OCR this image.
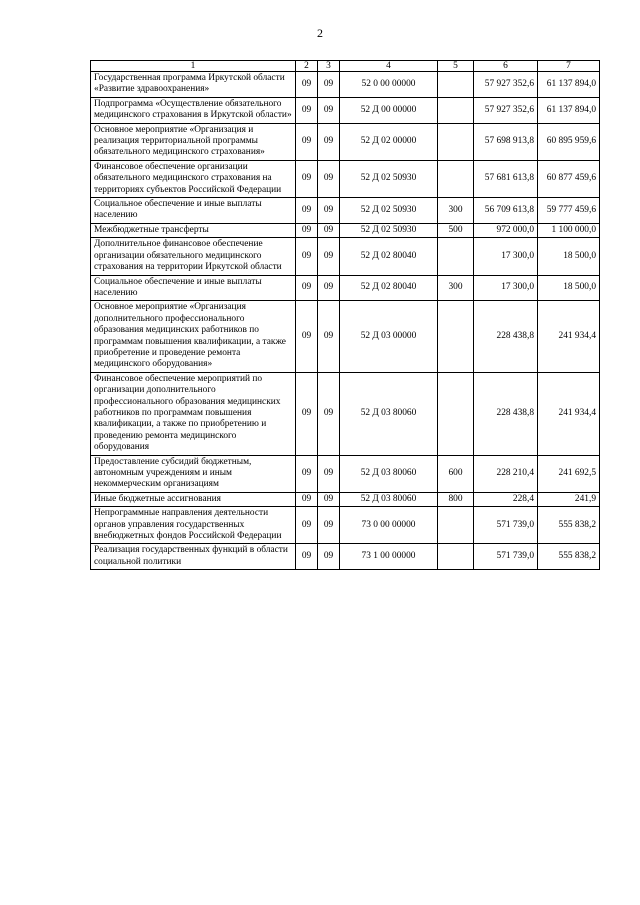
2
1	2	3	4	5	6	7
Государственная программа Иркутской области «Развитие здравоохранения»	09	09	52 0 00 00000		57 927 352,6	61 137 894,0
Подпрограмма «Осуществление обязательного медицинского страхования в Иркутской области»	09	09	52 Д 00 00000		57 927 352,6	61 137 894,0
Основное мероприятие «Организация и реализация территориальной программы обязательного медицинского страхования»	09	09	52 Д 02 00000		57 698 913,8	60 895 959,6
Финансовое обеспечение организации обязательного медицинского страхования на территориях субъектов Российской Федерации	09	09	52 Д 02 50930		57 681 613,8	60 877 459,6
Социальное обеспечение и иные выплаты населению	09	09	52 Д 02 50930	300	56 709 613,8	59 777 459,6
Межбюджетные трансферты	09	09	52 Д 02 50930	500	972 000,0	1 100 000,0
Дополнительное финансовое обеспечение организации обязательного медицинского страхования на территории Иркутской области	09	09	52 Д 02 80040		17 300,0	18 500,0
Социальное обеспечение и иные выплаты населению	09	09	52 Д 02 80040	300	17 300,0	18 500,0
Основное мероприятие «Организация дополнительного профессионального образования медицинских работников по программам повышения квалификации, а также приобретение и проведение ремонта медицинского оборудования»	09	09	52 Д 03 00000		228 438,8	241 934,4
Финансовое обеспечение мероприятий по организации дополнительного профессионального образования медицинских работников по программам повышения квалификации, а также по приобретению и проведению ремонта медицинского оборудования	09	09	52 Д 03 80060		228 438,8	241 934,4
Предоставление субсидий бюджетным, автономным учреждениям и иным некоммерческим организациям	09	09	52 Д 03 80060	600	228 210,4	241 692,5
Иные бюджетные ассигнования	09	09	52 Д 03 80060	800	228,4	241,9
Непрограммные направления деятельности органов управления государственных внебюджетных фондов Российской Федерации	09	09	73 0 00 00000		571 739,0	555 838,2
Реализация государственных функций в области социальной политики	09	09	73 1 00 00000		571 739,0	555 838,2
